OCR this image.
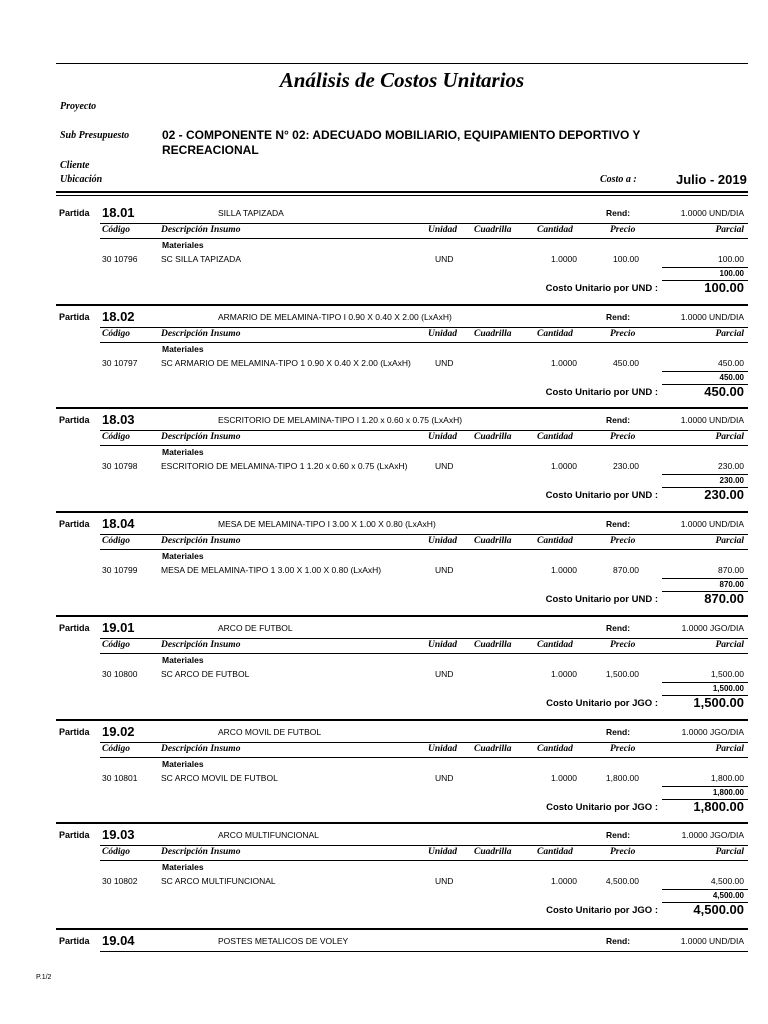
Análisis de Costos Unitarios
Proyecto
Sub Presupuesto	02 - COMPONENTE N° 02: ADECUADO MOBILIARIO, EQUIPAMIENTO DEPORTIVO Y RECREACIONAL
Cliente
Ubicación	Costo a :	Julio - 2019
Partida 18.01	SILLA TAPIZADA	Rend:	1.0000 UND/DIA
Código	Descripción Insumo	Unidad Cuadrilla	Cantidad	Precio	Parcial
Materiales
30 10796	SC SILLA TAPIZADA	UND	1.0000	100.00	100.00
100.00
Costo Unitario por UND :	100.00
Partida 18.02	ARMARIO DE MELAMINA-TIPO I 0.90 X 0.40 X 2.00 (LxAxH)	Rend:	1.0000 UND/DIA
Código	Descripción Insumo	Unidad Cuadrilla	Cantidad	Precio	Parcial
Materiales
30 10797	SC ARMARIO DE MELAMINA-TIPO 1 0.90 X 0.40 X 2.00 (LxAxH)	UND	1.0000	450.00	450.00
450.00
Costo Unitario por UND :	450.00
Partida 18.03	ESCRITORIO DE MELAMINA-TIPO I 1.20 x 0.60 x 0.75 (LxAxH)	Rend:	1.0000 UND/DIA
Código	Descripción Insumo	Unidad Cuadrilla	Cantidad	Precio	Parcial
Materiales
30 10798	ESCRITORIO DE MELAMINA-TIPO 1 1.20 x 0.60 x 0.75 (LxAxH)	UND	1.0000	230.00	230.00
230.00
Costo Unitario por UND :	230.00
Partida 18.04	MESA DE MELAMINA-TIPO I 3.00 X 1.00 X 0.80 (LxAxH)	Rend:	1.0000 UND/DIA
Código	Descripción Insumo	Unidad Cuadrilla	Cantidad	Precio	Parcial
Materiales
30 10799	MESA DE MELAMINA-TIPO 1 3.00 X 1.00 X 0.80 (LxAxH)	UND	1.0000	870.00	870.00
870.00
Costo Unitario por UND :	870.00
Partida 19.01	ARCO DE FUTBOL	Rend:	1.0000 JGO/DIA
Código	Descripción Insumo	Unidad Cuadrilla	Cantidad	Precio	Parcial
Materiales
30 10800	SC ARCO DE FUTBOL	UND	1.0000	1,500.00	1,500.00
1,500.00
Costo Unitario por JGO :	1,500.00
Partida 19.02	ARCO MOVIL DE FUTBOL	Rend:	1.0000 JGO/DIA
Código	Descripción Insumo	Unidad Cuadrilla	Cantidad	Precio	Parcial
Materiales
30 10801	SC ARCO MOVIL DE FUTBOL	UND	1.0000	1,800.00	1,800.00
1,800.00
Costo Unitario por JGO :	1,800.00
Partida 19.03	ARCO MULTIFUNCIONAL	Rend:	1.0000 JGO/DIA
Código	Descripción Insumo	Unidad Cuadrilla	Cantidad	Precio	Parcial
Materiales
30 10802	SC ARCO MULTIFUNCIONAL	UND	1.0000	4,500.00	4,500.00
4,500.00
Costo Unitario por JGO :	4,500.00
Partida 19.04	POSTES METALICOS DE VOLEY	Rend:	1.0000 UND/DIA
P.1/2
